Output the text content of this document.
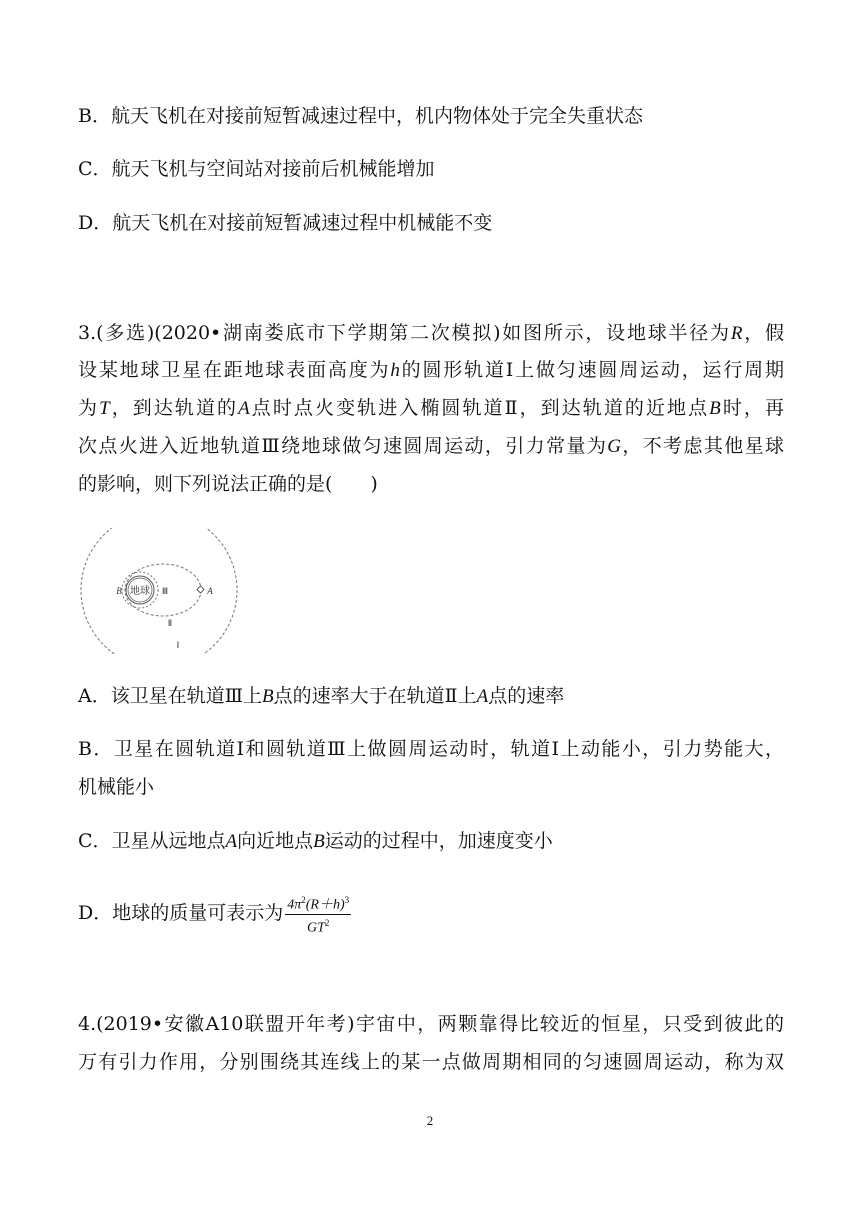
B．航天飞机在对接前短暂减速过程中，机内物体处于完全失重状态
C．航天飞机与空间站对接前后机械能增加
D．航天飞机在对接前短暂减速过程中机械能不变
3.(多选)(2020•湖南娄底市下学期第二次模拟)如图所示，设地球半径为R，假
设某地球卫星在距地球表面高度为h的圆形轨道Ⅰ上做匀速圆周运动，运行周期
为T，到达轨道的A点时点火变轨进入椭圆轨道Ⅱ，到达轨道的近地点B时，再
次点火进入近地轨道Ⅲ绕地球做匀速圆周运动，引力常量为G，不考虑其他星球
的影响，则下列说法正确的是(　　)
地球
B	Ⅲ	A
Ⅱ
Ⅰ
A．该卫星在轨道Ⅲ上B点的速率大于在轨道Ⅱ上A点的速率
B．卫星在圆轨道Ⅰ和圆轨道Ⅲ上做圆周运动时，轨道Ⅰ上动能小，引力势能大，
机械能小
C．卫星从远地点A向近地点B运动的过程中，加速度变小
D．地球的质量可表示为 $\frac{4\pi^2(R+h)^3}{GT^2}$
4.(2019•安徽A10联盟开年考)宇宙中，两颗靠得比较近的恒星，只受到彼此的
万有引力作用，分别围绕其连线上的某一点做周期相同的匀速圆周运动，称为双
2
